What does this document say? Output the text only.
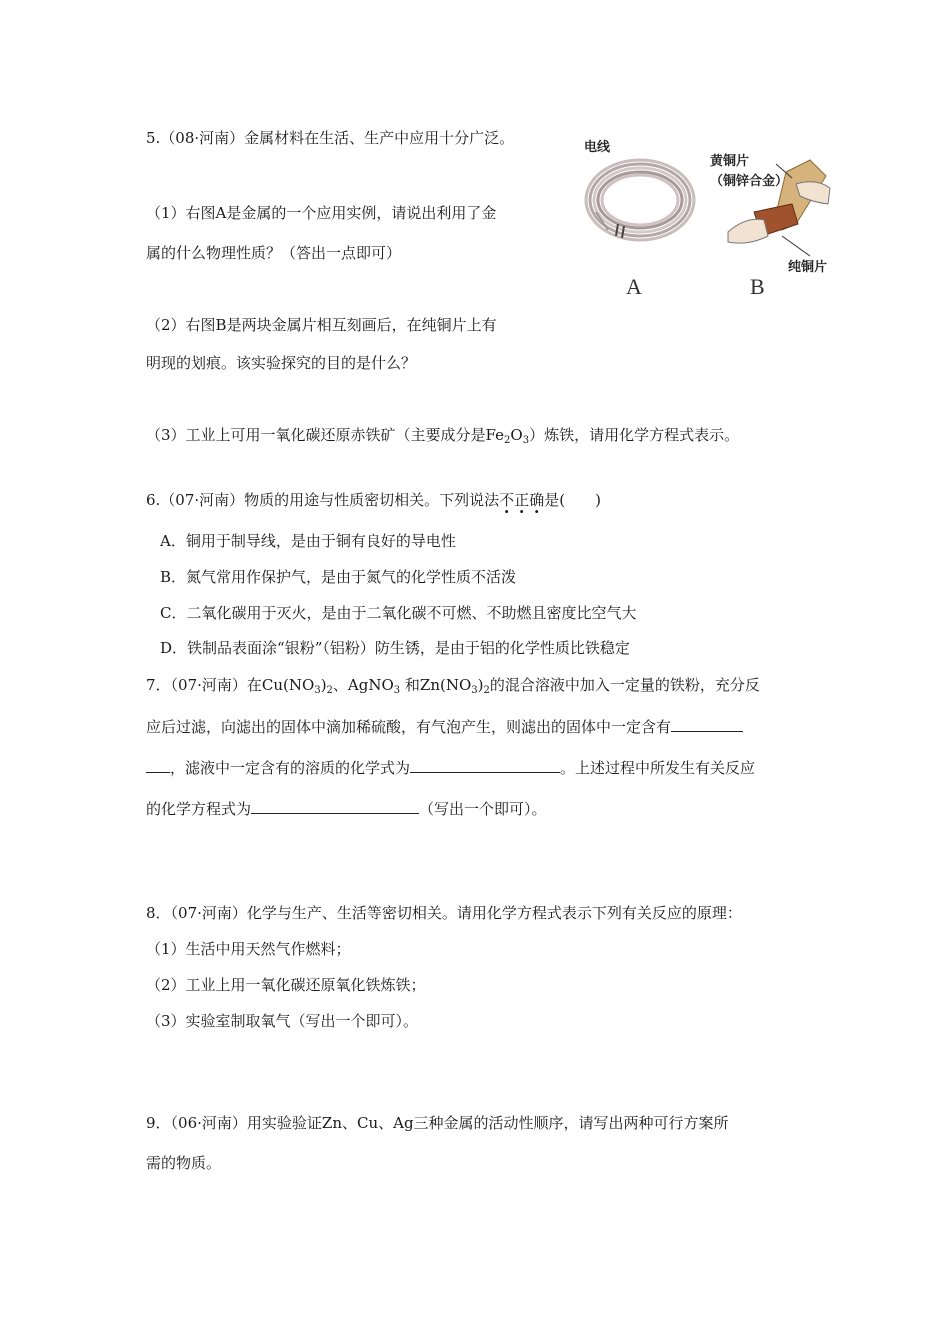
5.（08·河南）金属材料在生活、生产中应用十分广泛。
（1）右图A是金属的一个应用实例，请说出利用了金
属的什么物理性质？（答出一点即可）
（2）右图B是两块金属片相互刻画后，在纯铜片上有
明现的划痕。该实验探究的目的是什么？
（3）工业上可用一氧化碳还原赤铁矿（主要成分是$Fe_2O_3$）炼铁，请用化学方程式表示。
电线
黄铜片
（铜锌合金）
纯铜片
A	B
6.（07·河南）物质的用途与性质密切相关。下列说法不正确是(　　)
A．铜用于制导线，是由于铜有良好的导电性
B．氮气常用作保护气，是由于氮气的化学性质不活泼
C．二氧化碳用于灭火，是由于二氧化碳不可燃、不助燃且密度比空气大
D．铁制品表面涂“银粉”（铝粉）防生锈，是由于铝的化学性质比铁稳定
7．（07·河南）在$Cu(NO_3)_2$、AgNO$_3$ 和$Zn(NO_3)_2$的混合溶液中加入一定量的铁粉，充分反
应后过滤，向滤出的固体中滴加稀硫酸，有气泡产生，则滤出的固体中一定含有
，滤液中一定含有的溶质的化学式为	。上述过程中所发生有关反应
的化学方程式为	（写出一个即可）。
8．（07·河南）化学与生产、生活等密切相关。请用化学方程式表示下列有关反应的原理：
（1）生活中用天然气作燃料；
（2）工业上用一氧化碳还原氧化铁炼铁；
（3）实验室制取氧气（写出一个即可）。
9．（06·河南）用实验验证Zn、Cu、Ag三种金属的活动性顺序，请写出两种可行方案所
需的物质。
